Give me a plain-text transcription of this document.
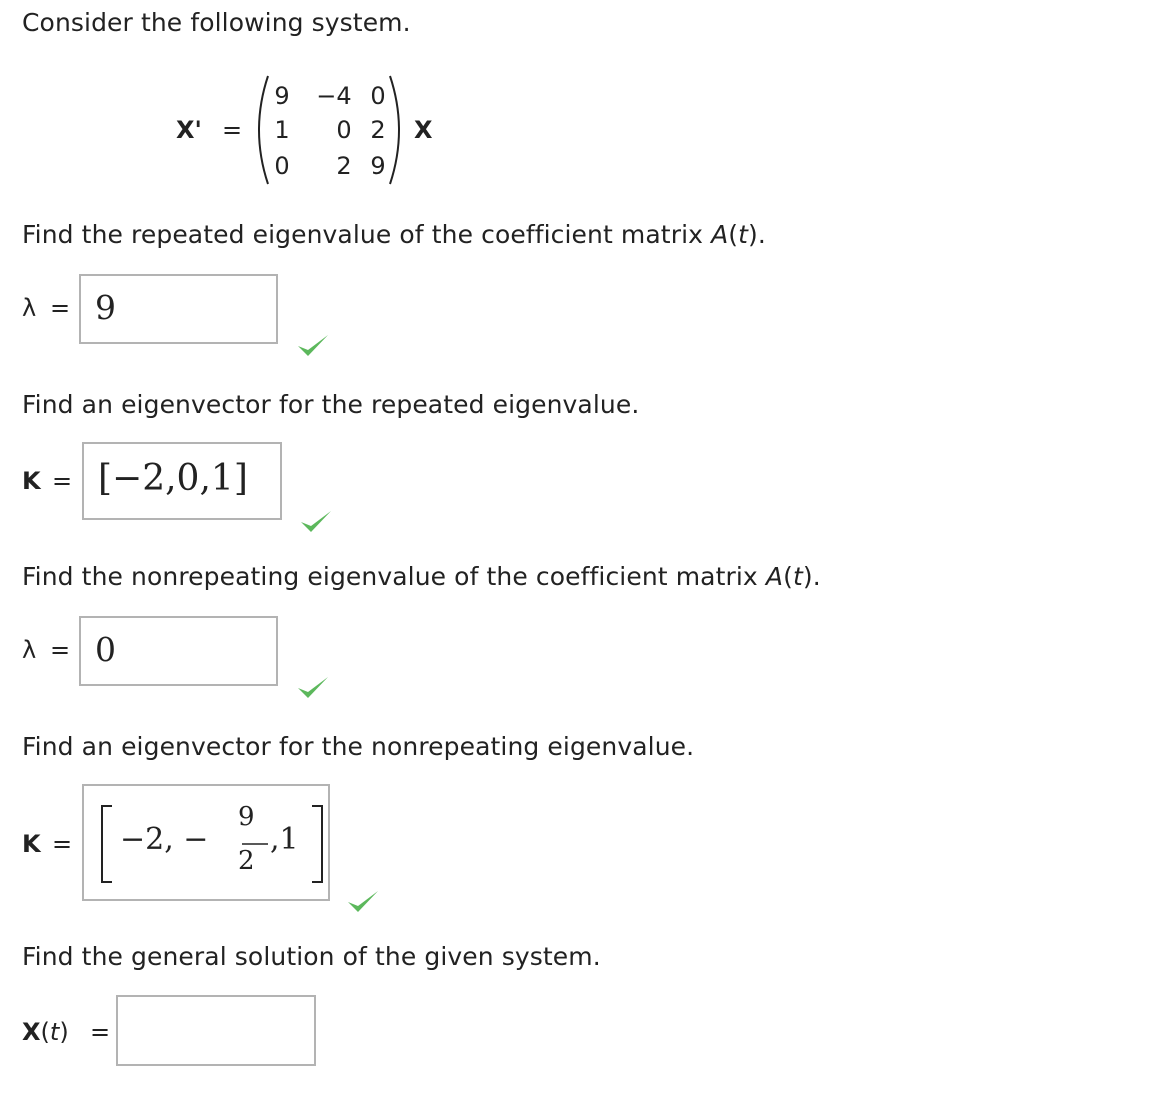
Consider the following system.
X' =
9	−4 0
1	0 2
0	2 9
X
Find the repeated eigenvalue of the coefficient matrix A(t).
λ = 9
Find an eigenvector for the repeated eigenvalue.
K = [−2,0,1]
Find the nonrepeating eigenvalue of the coefficient matrix A(t).
λ = 0
Find an eigenvector for the nonrepeating eigenvalue.
K = −2, −
9
2
,1
Find the general solution of the given system.
X(t) =
